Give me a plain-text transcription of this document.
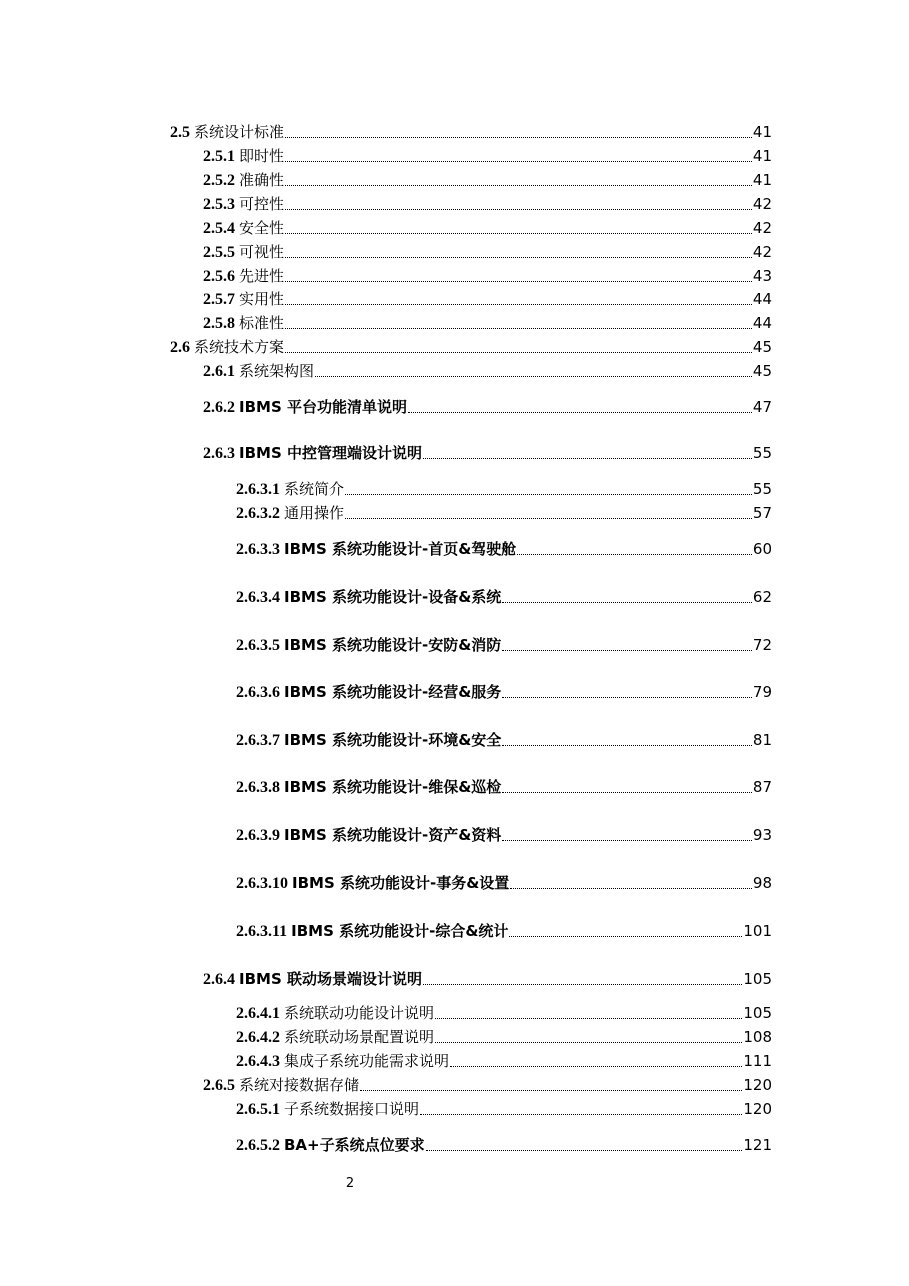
2.5 系统设计标准	41
2.5.1 即时性	41
2.5.2 准确性	41
2.5.3 可控性	42
2.5.4 安全性	42
2.5.5 可视性	42
2.5.6 先进性	43
2.5.7 实用性	44
2.5.8 标准性	44
2.6 系统技术方案	45
2.6.1 系统架构图	45
2.6.2 IBMS 平台功能清单说明	47
2.6.3 IBMS 中控管理端设计说明	55
2.6.3.1 系统简介	55
2.6.3.2 通用操作	57
2.6.3.3 IBMS 系统功能设计-首页&驾驶舱	60
2.6.3.4 IBMS 系统功能设计-设备&系统	62
2.6.3.5 IBMS 系统功能设计-安防&消防	72
2.6.3.6 IBMS 系统功能设计-经营&服务	79
2.6.3.7 IBMS 系统功能设计-环境&安全	81
2.6.3.8 IBMS 系统功能设计-维保&巡检	87
2.6.3.9 IBMS 系统功能设计-资产&资料	93
2.6.3.10 IBMS 系统功能设计-事务&设置	98
2.6.3.11 IBMS 系统功能设计-综合&统计	101
2.6.4 IBMS 联动场景端设计说明	105
2.6.4.1 系统联动功能设计说明	105
2.6.4.2 系统联动场景配置说明	108
2.6.4.3 集成子系统功能需求说明	111
2.6.5 系统对接数据存储	120
2.6.5.1 子系统数据接口说明	120
2.6.5.2 BA+子系统点位要求	121
2
